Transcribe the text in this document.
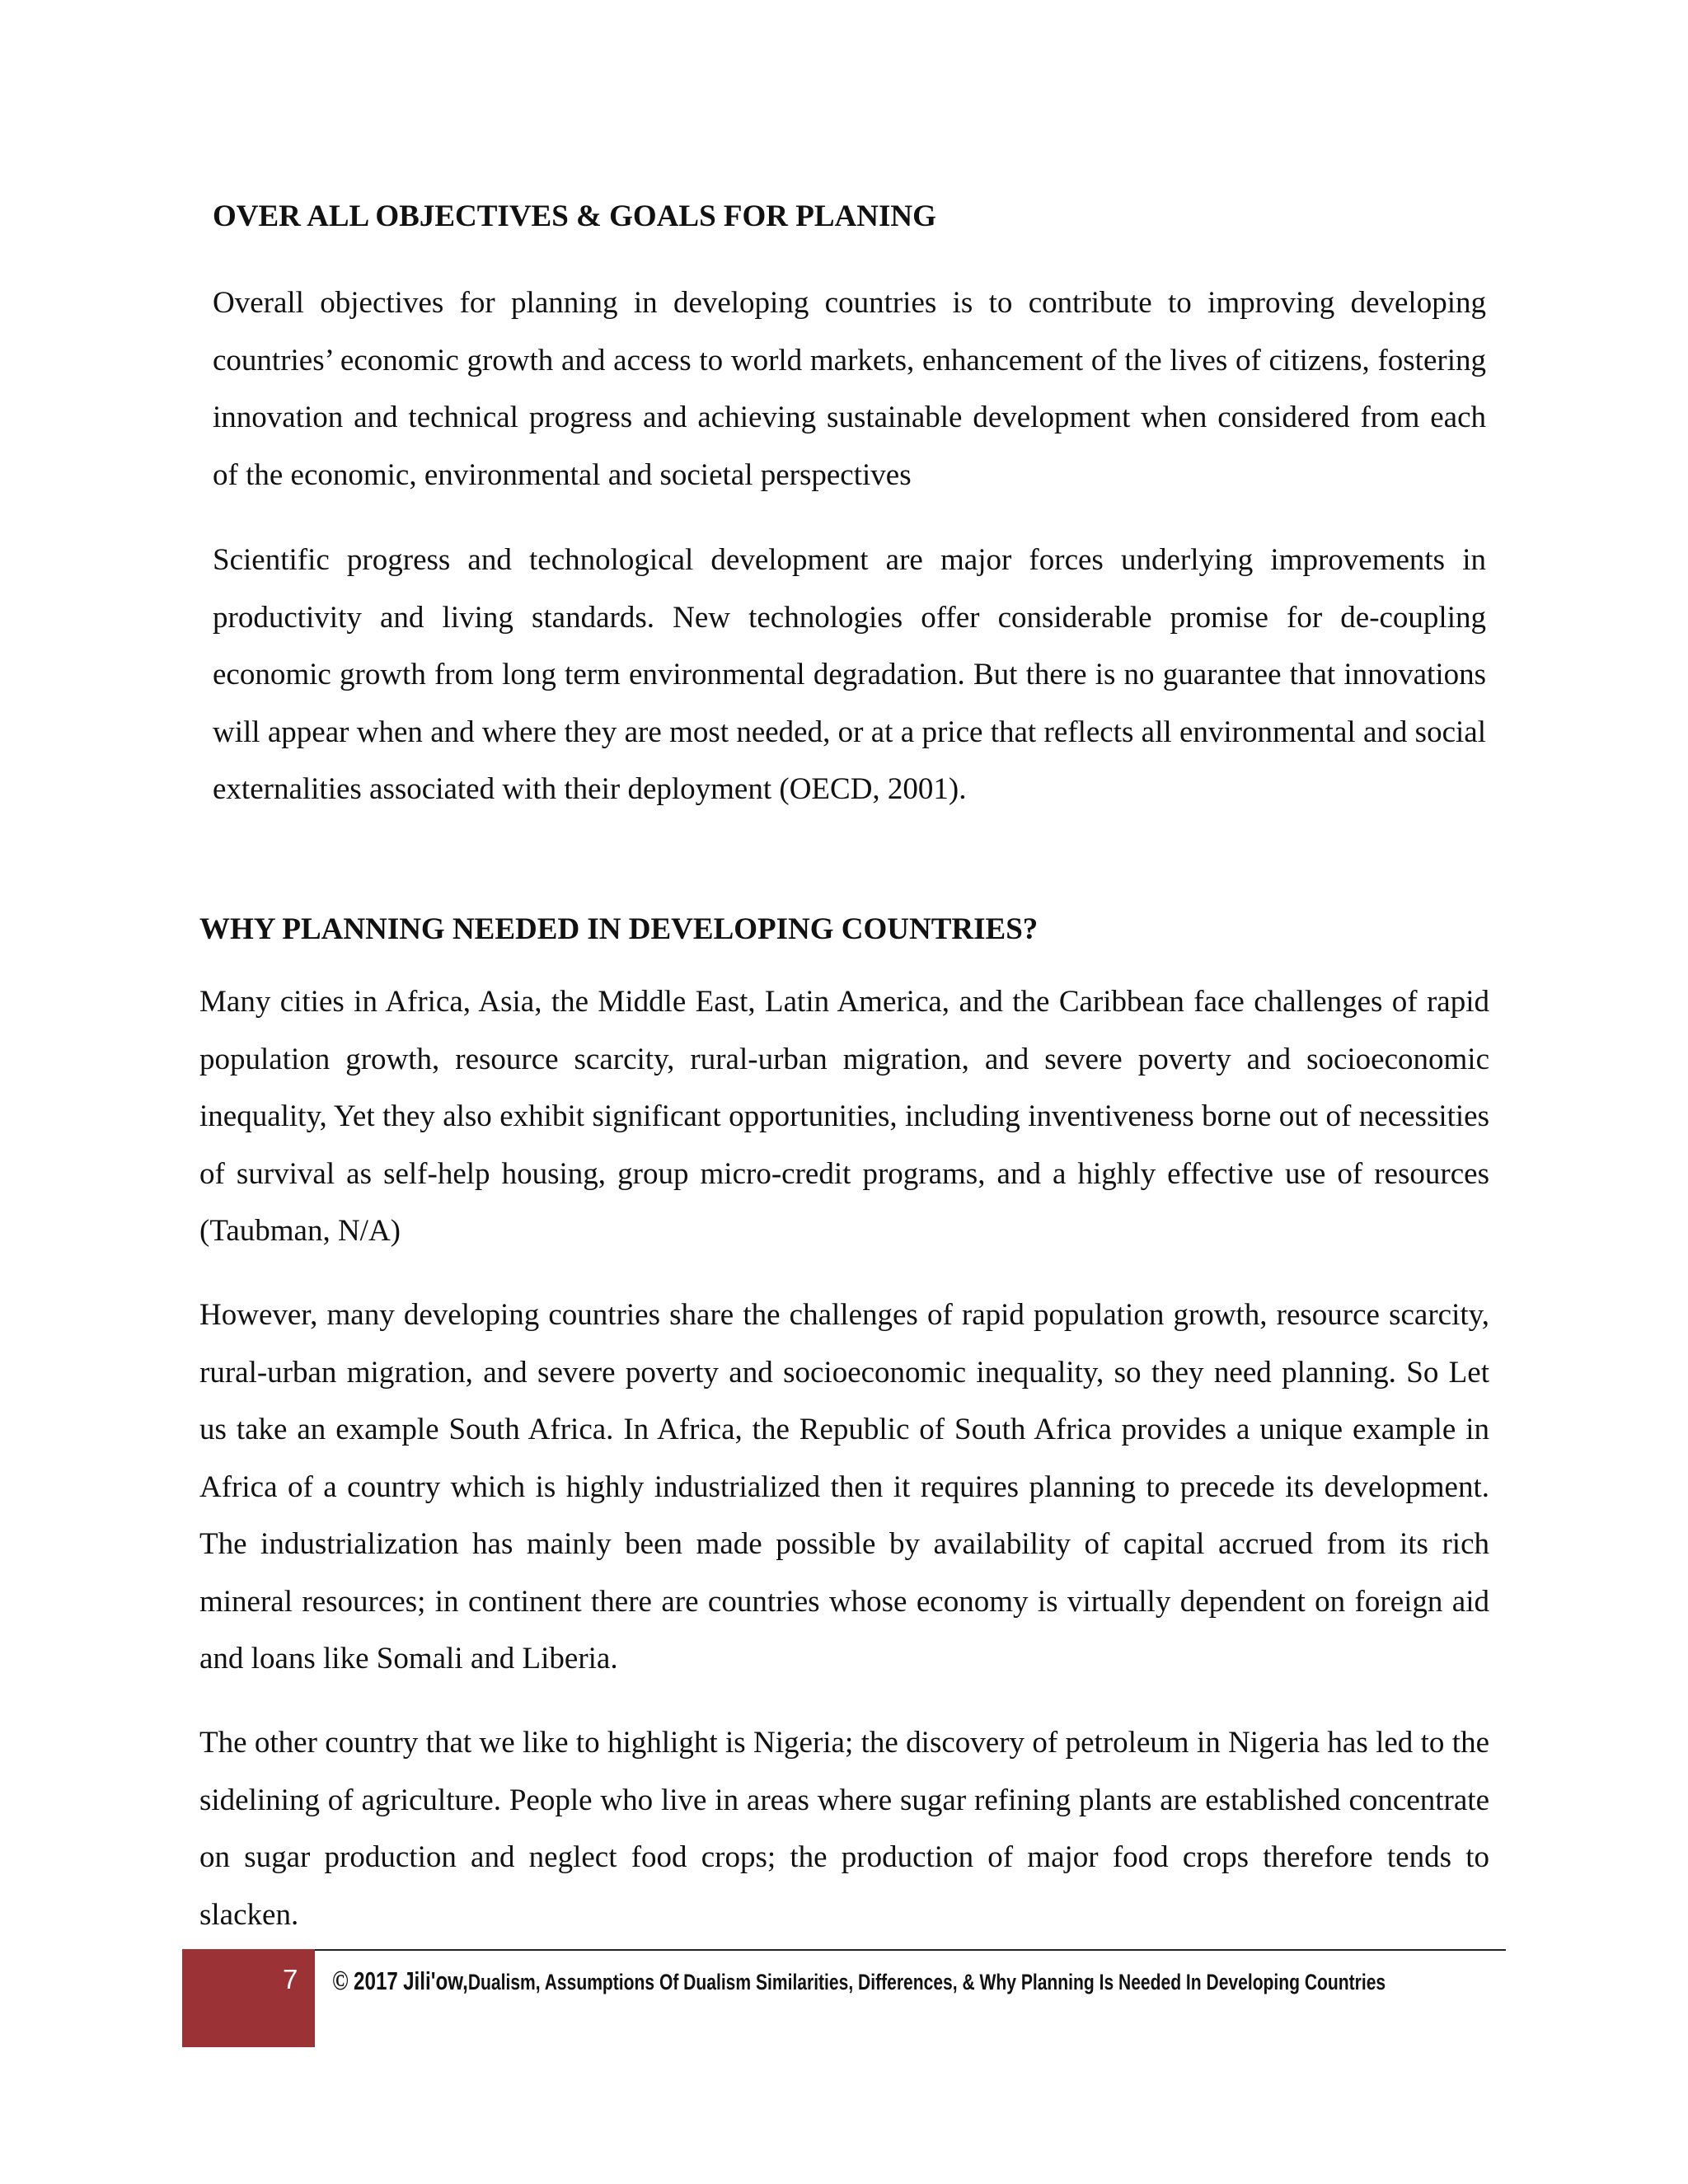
OVER ALL OBJECTIVES & GOALS FOR PLANING

Overall objectives for planning in developing countries is to contribute to improving developing countries’ economic growth and access to world markets, enhancement of the lives of citizens, fostering innovation and technical progress and achieving sustainable development when considered from each of the economic, environmental and societal perspectives

Scientific progress and technological development are major forces underlying improvements in productivity and living standards. New technologies offer considerable promise for de-coupling economic growth from long term environmental degradation. But there is no guarantee that innovations will appear when and where they are most needed, or at a price that reflects all environmental and social externalities associated with their deployment (OECD, 2001).

WHY PLANNING NEEDED IN DEVELOPING COUNTRIES?

Many cities in Africa, Asia, the Middle East, Latin America, and the Caribbean face challenges of rapid population growth, resource scarcity, rural-urban migration, and severe poverty and socioeconomic inequality, Yet they also exhibit significant opportunities, including inventiveness borne out of necessities of survival as self-help housing, group micro-credit programs, and a highly effective use of resources (Taubman, N/A)

However, many developing countries share the challenges of rapid population growth, resource scarcity, rural-urban migration, and severe poverty and socioeconomic inequality, so they need planning. So Let us take an example South Africa. In Africa, the Republic of South Africa provides a unique example in Africa of a country which is highly industrialized then it requires planning to precede its development. The industrialization has mainly been made possible by availability of capital accrued from its rich mineral resources; in continent there are countries whose economy is virtually dependent on foreign aid and loans like Somali and Liberia.

The other country that we like to highlight is Nigeria; the discovery of petroleum in Nigeria has led to the sidelining of agriculture. People who live in areas where sugar refining plants are established concentrate on sugar production and neglect food crops; the production of major food crops therefore tends to slacken.

7 © 2017 Jili'ow,Dualism, Assumptions Of Dualism Similarities, Differences, & Why Planning Is Needed In Developing Countries
